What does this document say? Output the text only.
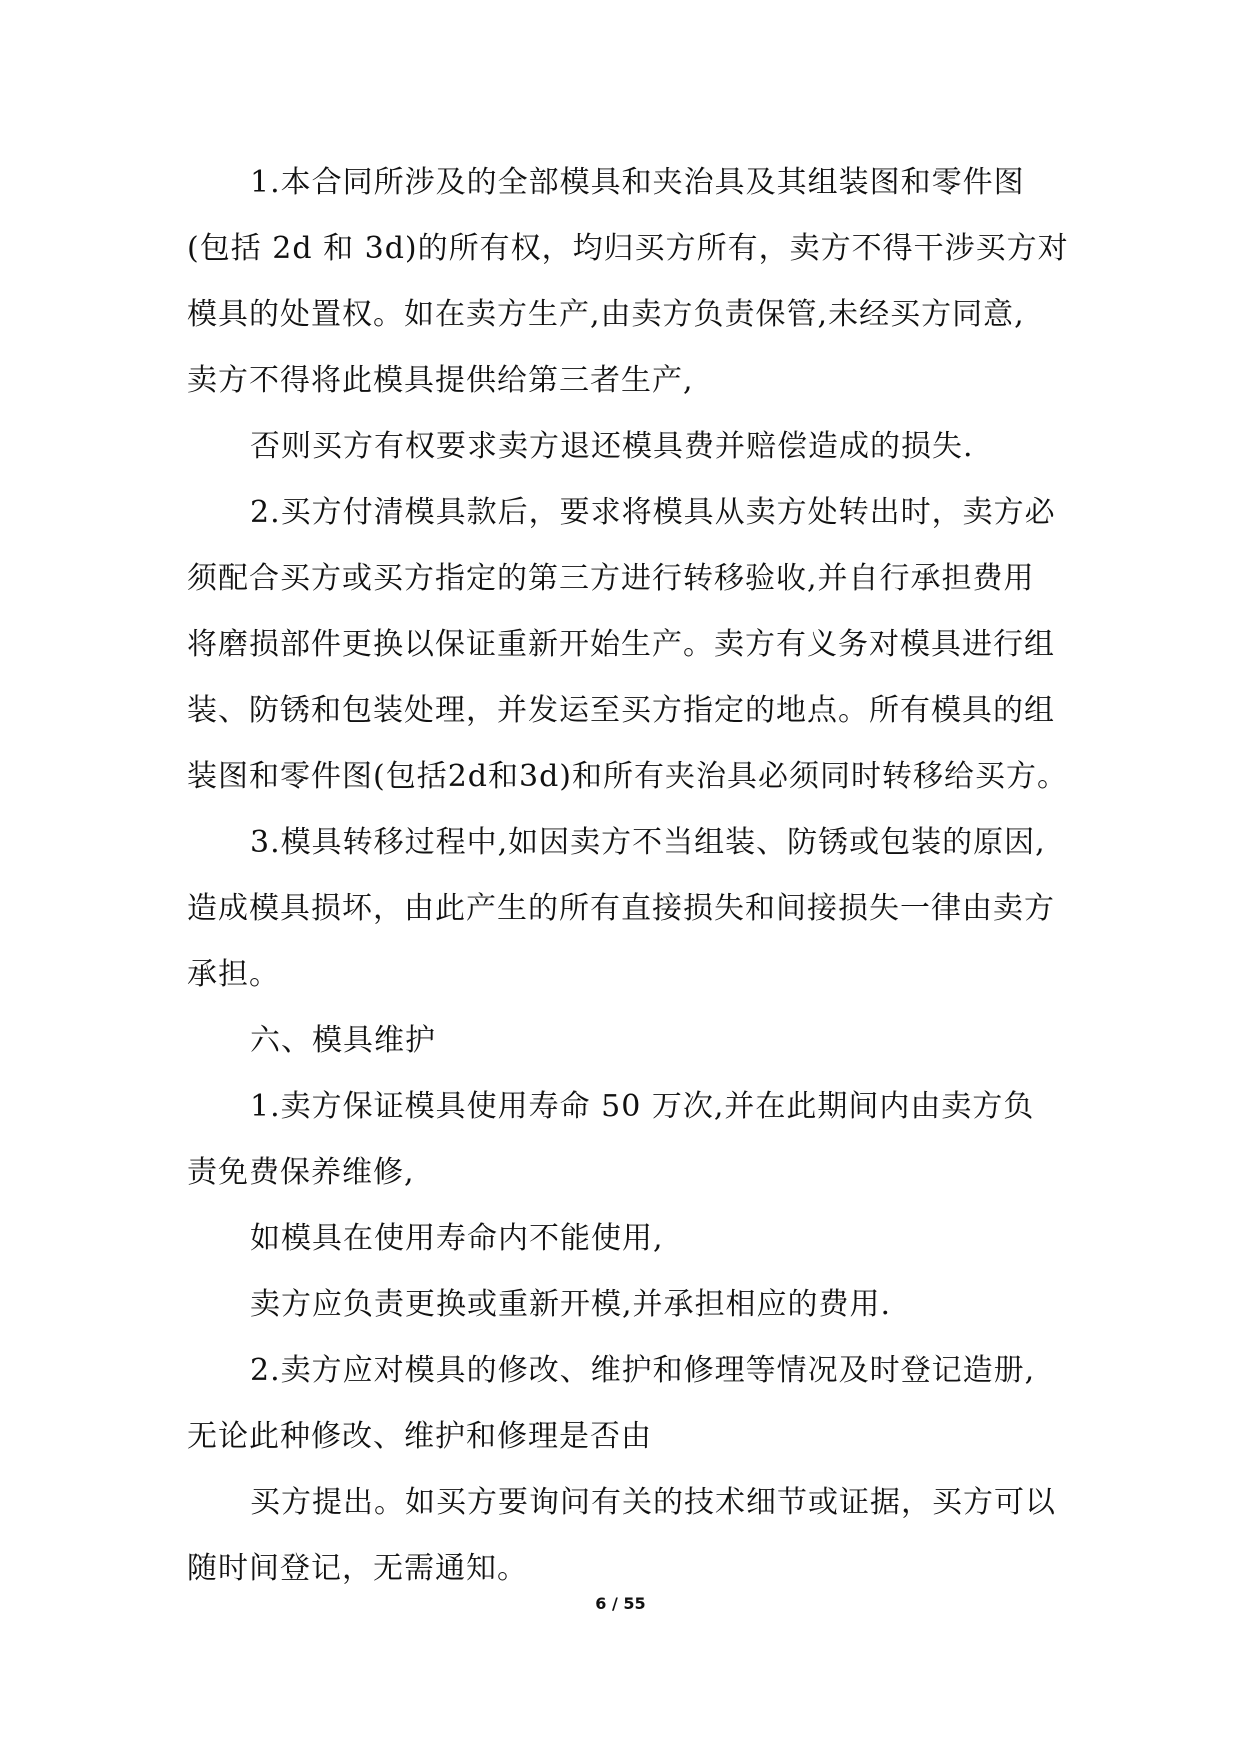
1.本合同所涉及的全部模具和夹治具及其组装图和零件图
(包括 2d 和 3d)的所有权，均归买方所有，卖方不得干涉买方对
模具的处置权。如在卖方生产,由卖方负责保管,未经买方同意,
卖方不得将此模具提供给第三者生产,
否则买方有权要求卖方退还模具费并赔偿造成的损失.
2.买方付清模具款后，要求将模具从卖方处转出时，卖方必
须配合买方或买方指定的第三方进行转移验收,并自行承担费用
将磨损部件更换以保证重新开始生产。卖方有义务对模具进行组
装、防锈和包装处理，并发运至买方指定的地点。所有模具的组
装图和零件图(包括2d和3d)和所有夹治具必须同时转移给买方。
3.模具转移过程中,如因卖方不当组装、防锈或包装的原因,
造成模具损坏，由此产生的所有直接损失和间接损失一律由卖方
承担。
六、模具维护
1.卖方保证模具使用寿命 50 万次,并在此期间内由卖方负
责免费保养维修,
如模具在使用寿命内不能使用,
卖方应负责更换或重新开模,并承担相应的费用.
2.卖方应对模具的修改、维护和修理等情况及时登记造册,
无论此种修改、维护和修理是否由
买方提出。如买方要询问有关的技术细节或证据，买方可以
随时间登记，无需通知。
6 / 55
